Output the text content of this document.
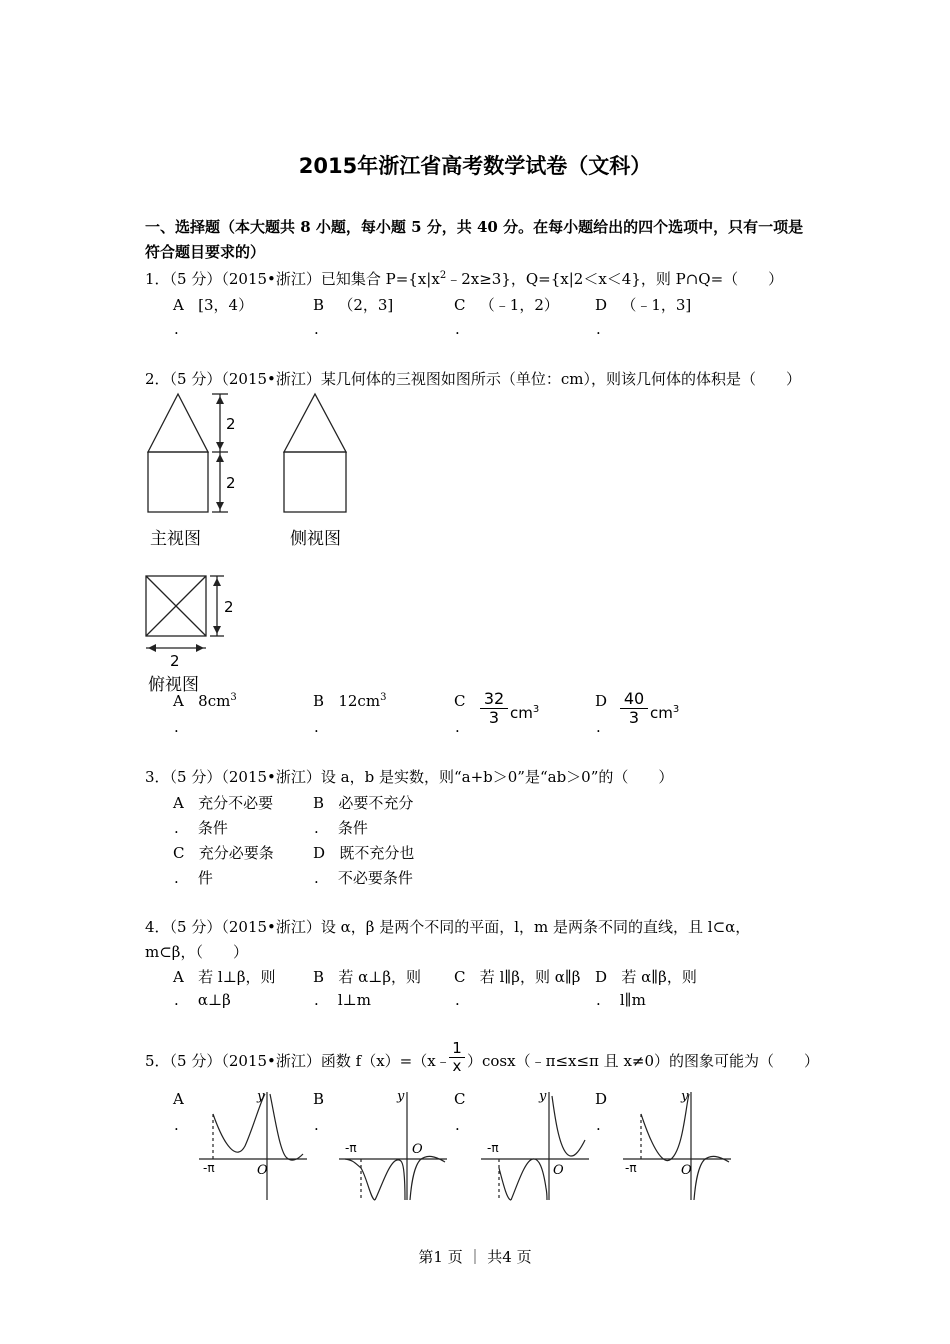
2015年浙江省高考数学试卷（文科）
一、选择题（本大题共 8 小题，每小题 5 分，共 40 分。在每小题给出的四个选项中，只有一项是符合题目要求的）
1．（5 分）（2015•浙江）已知集合 $P=\{x|x^2﹣2x\ge 3\}$，Q={x|2＜x＜4}，则 P∩Q=（　　）
A [3，4）
.
B （2，3]
.
C （﹣1，2）
.
D （﹣1，3]
.
2．（5 分）（2015•浙江）某几何体的三视图如图所示（单位：cm），则该几何体的体积是（　　）
2
2
2
2
主视图	侧视图
俯视图
A $8cm^3$
.
B $12cm^3$
.
C $\frac{32}{3} cm^3$
.
D $\frac{40}{3} cm^3$
.
3．（5 分）（2015•浙江）设 a，b 是实数，则“a+b＞0”是“ab＞0”的（　　）
A 充分不必要
. 条件
B 必要不充分
. 条件
C 充分必要条
. 件
D 既不充分也
. 不必要条件
4．（5 分）（2015•浙江）设 α，β 是两个不同的平面，l，m 是两条不同的直线，且 l⊂α，
m⊂β，（　　）
A 若 l⊥β，则
. α⊥β
B 若 α⊥β，则
. l⊥m
C 若 l∥β，则 α∥β
.
D 若 α∥β，则
. l∥m
5．（5 分）（2015•浙江）函数 f（x）=（x﹣
$\frac{1}{x}$ ）cosx（﹣π≤x≤π 且 x≠0）的图象可能为（　　）
A
.
B
.
C
.
D
.
y
O
-π
y
O
-π
y
O
-π
y
O
-π
第1 页 ｜ 共4 页
